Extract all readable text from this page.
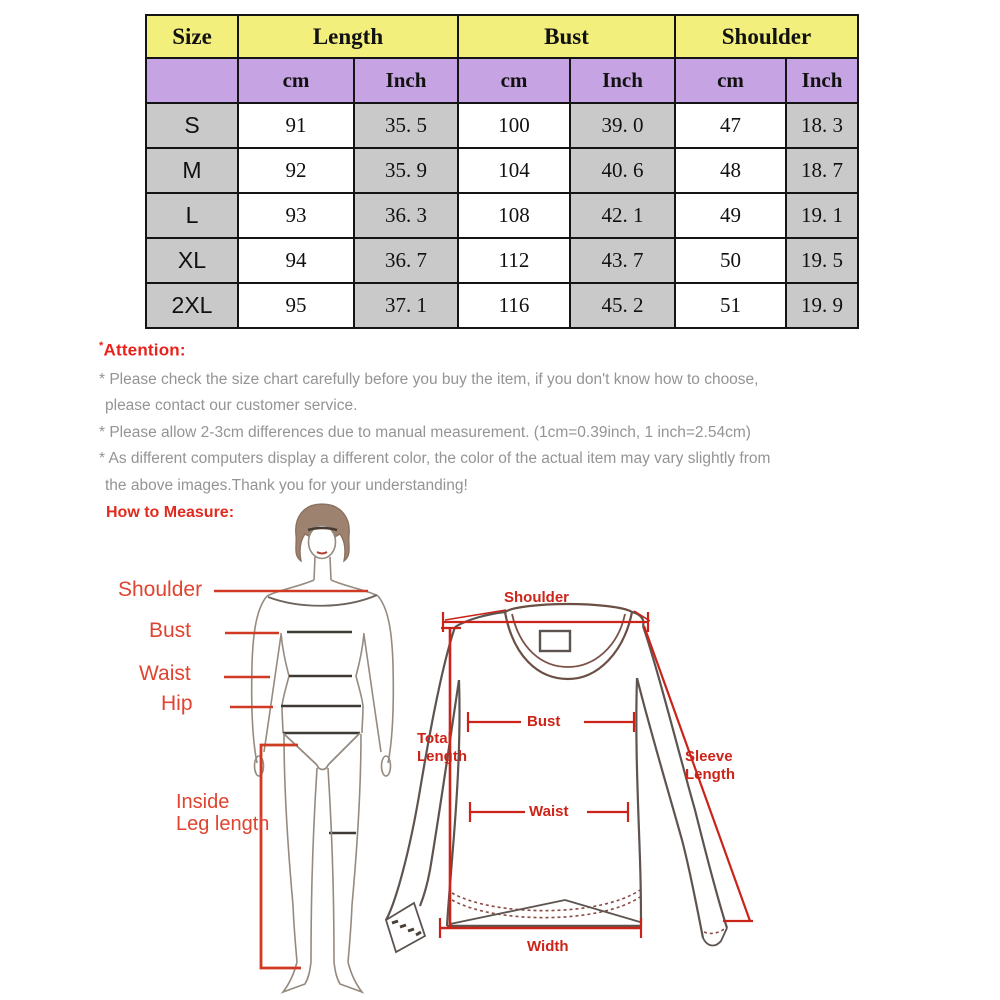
Size	Length		Bust		Shoulder	
	cm	Inch	cm	Inch	cm	Inch
S	91	35. 5	100	39. 0	47	18. 3
M	92	35. 9	104	40. 6	48	18. 7
L	93	36. 3	108	42. 1	49	19. 1
XL	94	36. 7	112	43. 7	50	19. 5
2XL	95	37. 1	116	45. 2	51	19. 9
*Attention:
* Please check the size chart carefully before you buy the item, if you don't know how to choose,
please contact our customer service.
* Please allow 2-3cm differences due to manual measurement. (1cm=0.39inch, 1 inch=2.54cm)
* As different computers display a different color, the color of the actual item may vary slightly from
the above images.Thank you for your understanding!
How to Measure:
Shoulder
Bust
Waist
Hip
Inside
Leg length
Shoulder
Total
Length
Bust
Waist
Sleeve
Length
Width
